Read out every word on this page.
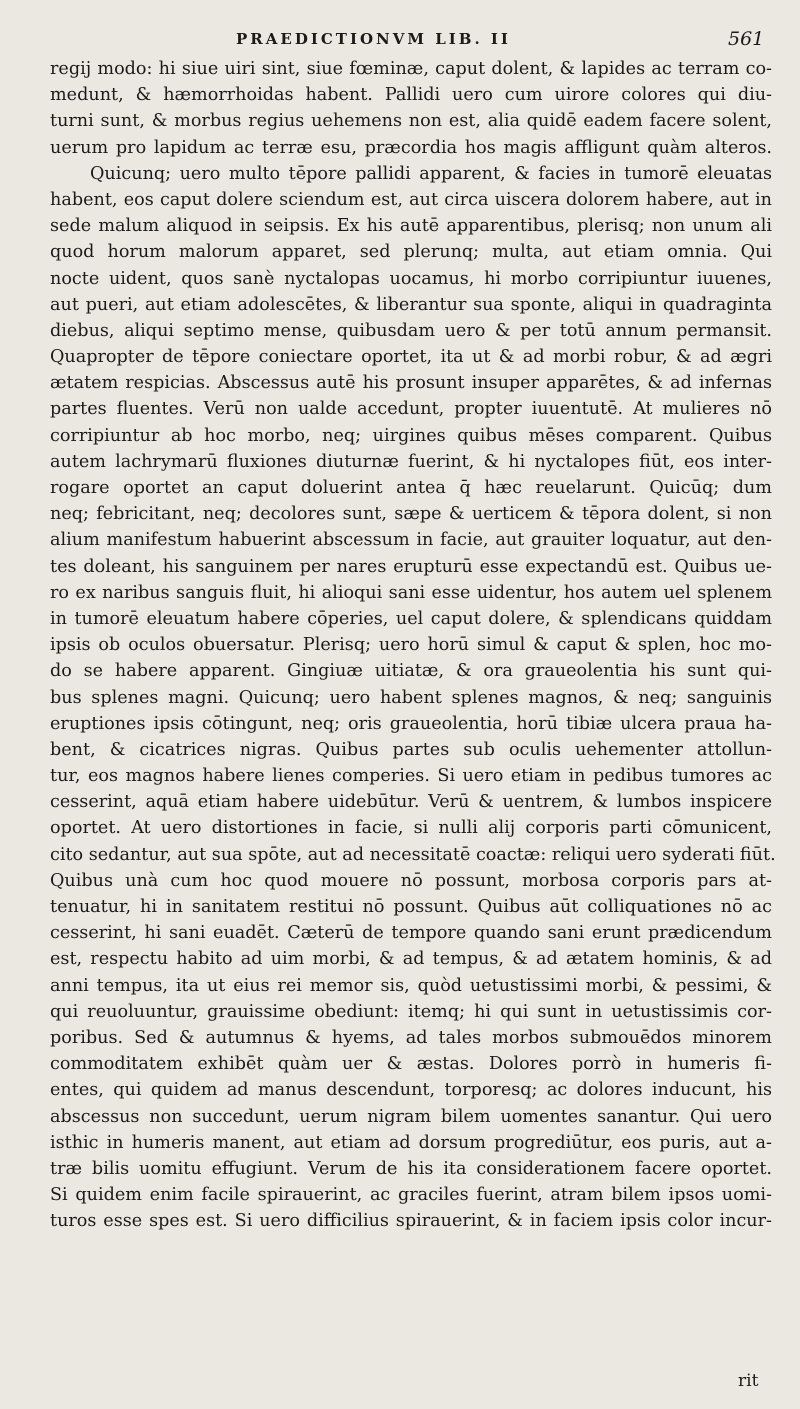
PRAEDICTIONVM LIB. II	561
regij modo: hi siue uiri sint, siue fœminæ, caput dolent, & lapides ac terram co-
medunt, & hæmorrhoidas habent. Pallidi uero cum uirore colores qui diu-
turni sunt, & morbus regius uehemens non est, alia quidē eadem facere solent,
uerum pro lapidum ac terræ esu, præcordia hos magis affligunt quàm alteros.
Quicunq; uero multo tēpore pallidi apparent, & facies in tumorē eleuatas
habent, eos caput dolere sciendum est, aut circa uiscera dolorem habere, aut in
sede malum aliquod in seipsis. Ex his autē apparentibus, plerisq; non unum ali
quod horum malorum apparet, sed plerunq; multa, aut etiam omnia. Qui
nocte uident, quos sanè nyctalopas uocamus, hi morbo corripiuntur iuuenes,
aut pueri, aut etiam adolescētes, & liberantur sua sponte, aliqui in quadraginta
diebus, aliqui septimo mense, quibusdam uero & per totū annum permansit.
Quapropter de tēpore coniectare oportet, ita ut & ad morbi robur, & ad ægri
ætatem respicias. Abscessus autē his prosunt insuper apparētes, & ad infernas
partes fluentes. Verū non ualde accedunt, propter iuuentutē. At mulieres nō
corripiuntur ab hoc morbo, neq; uirgines quibus mēses comparent. Quibus
autem lachrymarū fluxiones diuturnæ fuerint, & hi nyctalopes fiūt, eos inter-
rogare oportet an caput doluerint antea q̄ hæc reuelarunt. Quicūq; dum
neq; febricitant, neq; decolores sunt, sæpe & uerticem & tēpora dolent, si non
alium manifestum habuerint abscessum in facie, aut grauiter loquatur, aut den-
tes doleant, his sanguinem per nares erupturū esse expectandū est. Quibus ue-
ro ex naribus sanguis fluit, hi alioqui sani esse uidentur, hos autem uel splenem
in tumorē eleuatum habere cōperies, uel caput dolere, & splendicans quiddam
ipsis ob oculos obuersatur. Plerisq; uero horū simul & caput & splen, hoc mo-
do se habere apparent. Gingiuæ uitiatæ, & ora graueolentia his sunt qui-
bus splenes magni. Quicunq; uero habent splenes magnos, & neq; sanguinis
eruptiones ipsis cōtingunt, neq; oris graueolentia, horū tibiæ ulcera praua ha-
bent, & cicatrices nigras. Quibus partes sub oculis uehementer attollun-
tur, eos magnos habere lienes comperies. Si uero etiam in pedibus tumores ac
cesserint, aquā etiam habere uidebūtur. Verū & uentrem, & lumbos inspicere
oportet. At uero distortiones in facie, si nulli alij corporis parti cōmunicent,
cito sedantur, aut sua spōte, aut ad necessitatē coactæ: reliqui uero syderati fiūt.
Quibus unà cum hoc quod mouere nō possunt, morbosa corporis pars at-
tenuatur, hi in sanitatem restitui nō possunt. Quibus aūt colliquationes nō ac
cesserint, hi sani euadēt. Cæterū de tempore quando sani erunt prædicendum
est, respectu habito ad uim morbi, & ad tempus, & ad ætatem hominis, & ad
anni tempus, ita ut eius rei memor sis, quòd uetustissimi morbi, & pessimi, &
qui reuoluuntur, grauissime obediunt: itemq; hi qui sunt in uetustissimis cor-
poribus. Sed & autumnus & hyems, ad tales morbos submouēdos minorem
commoditatem exhibēt quàm uer & æstas. Dolores porrò in humeris fi-
entes, qui quidem ad manus descendunt, torporesq; ac dolores inducunt, his
abscessus non succedunt, uerum nigram bilem uomentes sanantur. Qui uero
isthic in humeris manent, aut etiam ad dorsum progrediūtur, eos puris, aut a-
træ bilis uomitu effugiunt. Verum de his ita considerationem facere oportet.
Si quidem enim facile spirauerint, ac graciles fuerint, atram bilem ipsos uomi-
turos esse spes est. Si uero difficilius spirauerint, & in faciem ipsis color incur-
rit
